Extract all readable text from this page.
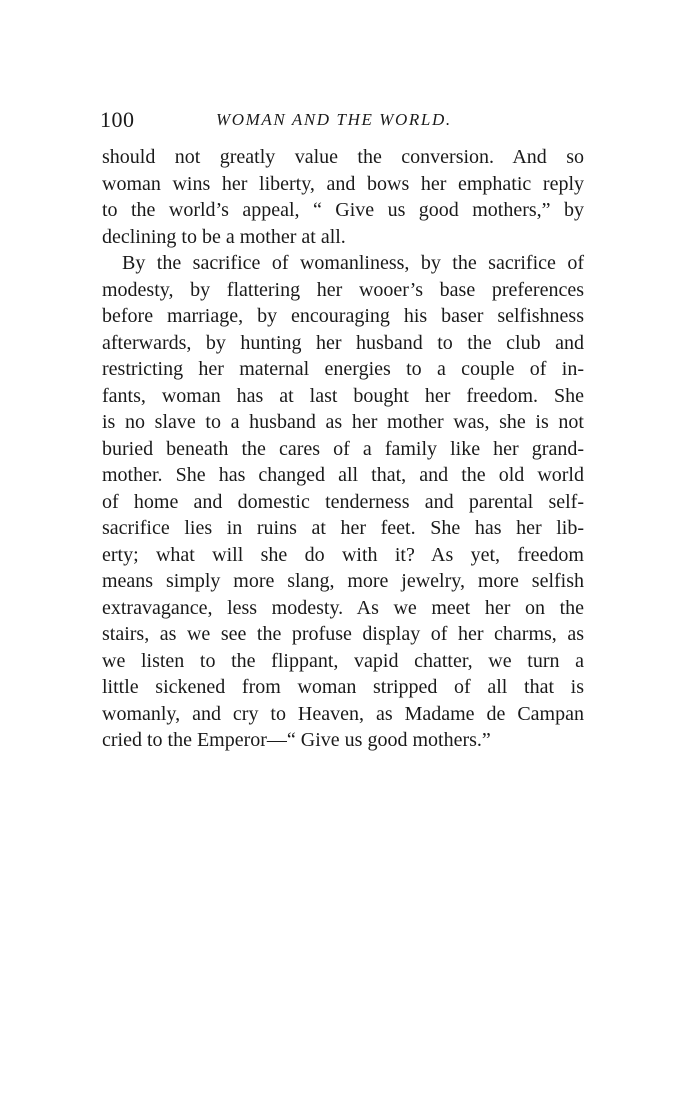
100	WOMAN AND THE WORLD.
should not greatly value the conversion. And so
woman wins her liberty, and bows her emphatic reply
to the world’s appeal, “ Give us good mothers,” by
declining to be a mother at all.
By the sacrifice of womanliness, by the sacrifice of
modesty, by flattering her wooer’s base preferences
before marriage, by encouraging his baser selfishness
afterwards, by hunting her husband to the club and
restricting her maternal energies to a couple of in-
fants, woman has at last bought her freedom. She
is no slave to a husband as her mother was, she is not
buried beneath the cares of a family like her grand-
mother. She has changed all that, and the old world
of home and domestic tenderness and parental self-
sacrifice lies in ruins at her feet. She has her lib-
erty; what will she do with it? As yet, freedom
means simply more slang, more jewelry, more selfish
extravagance, less modesty. As we meet her on the
stairs, as we see the profuse display of her charms, as
we listen to the flippant, vapid chatter, we turn a
little sickened from woman stripped of all that is
womanly, and cry to Heaven, as Madame de Campan
cried to the Emperor—“ Give us good mothers.”
